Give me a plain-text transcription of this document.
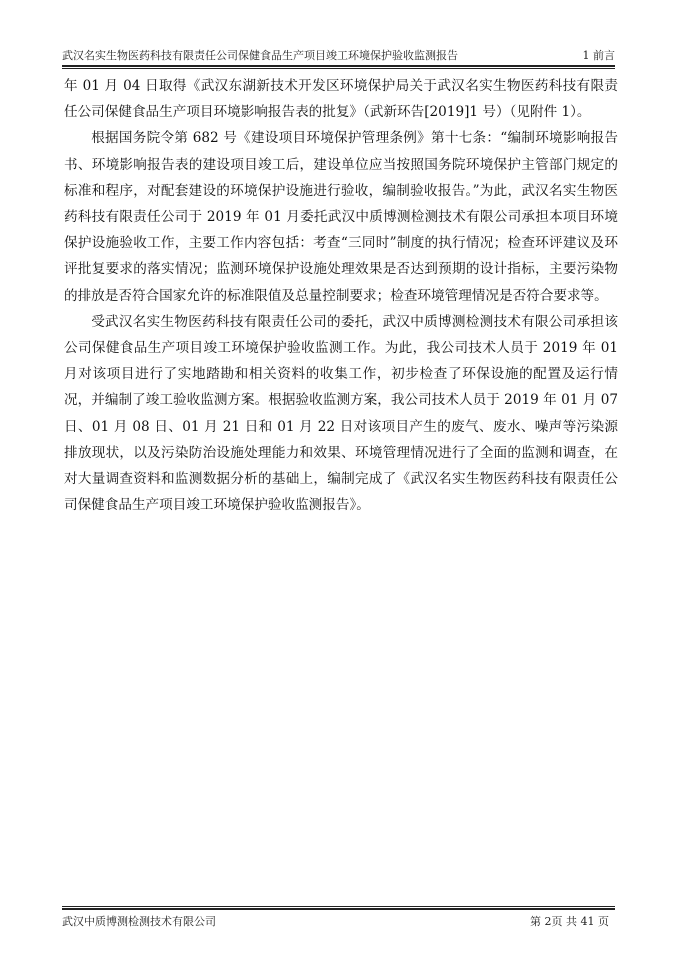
武汉名实生物医药科技有限责任公司保健食品生产项目竣工环境保护验收监测报告	1 前言

年 01 月 04 日取得《武汉东湖新技术开发区环境保护局关于武汉名实生物医药科技有限责任公司保健食品生产项目环境影响报告表的批复》（武新环告[2019]1 号）（见附件 1）。

根据国务院令第 682 号《建设项目环境保护管理条例》第十七条：“编制环境影响报告书、环境影响报告表的建设项目竣工后，建设单位应当按照国务院环境保护主管部门规定的标准和程序，对配套建设的环境保护设施进行验收，编制验收报告。”为此，武汉名实生物医药科技有限责任公司于 2019 年 01 月委托武汉中质博测检测技术有限公司承担本项目环境保护设施验收工作，主要工作内容包括：考查“三同时”制度的执行情况；检查环评建议及环评批复要求的落实情况；监测环境保护设施处理效果是否达到预期的设计指标，主要污染物的排放是否符合国家允许的标准限值及总量控制要求；检查环境管理情况是否符合要求等。

受武汉名实生物医药科技有限责任公司的委托，武汉中质博测检测技术有限公司承担该公司保健食品生产项目竣工环境保护验收监测工作。为此，我公司技术人员于 2019 年 01 月对该项目进行了实地踏勘和相关资料的收集工作，初步检查了环保设施的配置及运行情况，并编制了竣工验收监测方案。根据验收监测方案，我公司技术人员于 2019 年 01 月 07 日、01 月 08 日、01 月 21 日和 01 月 22 日对该项目产生的废气、废水、噪声等污染源排放现状，以及污染防治设施处理能力和效果、环境管理情况进行了全面的监测和调查，在对大量调查资料和监测数据分析的基础上，编制完成了《武汉名实生物医药科技有限责任公司保健食品生产项目竣工环境保护验收监测报告》。

武汉中质博测检测技术有限公司	第 2页 共 41 页
